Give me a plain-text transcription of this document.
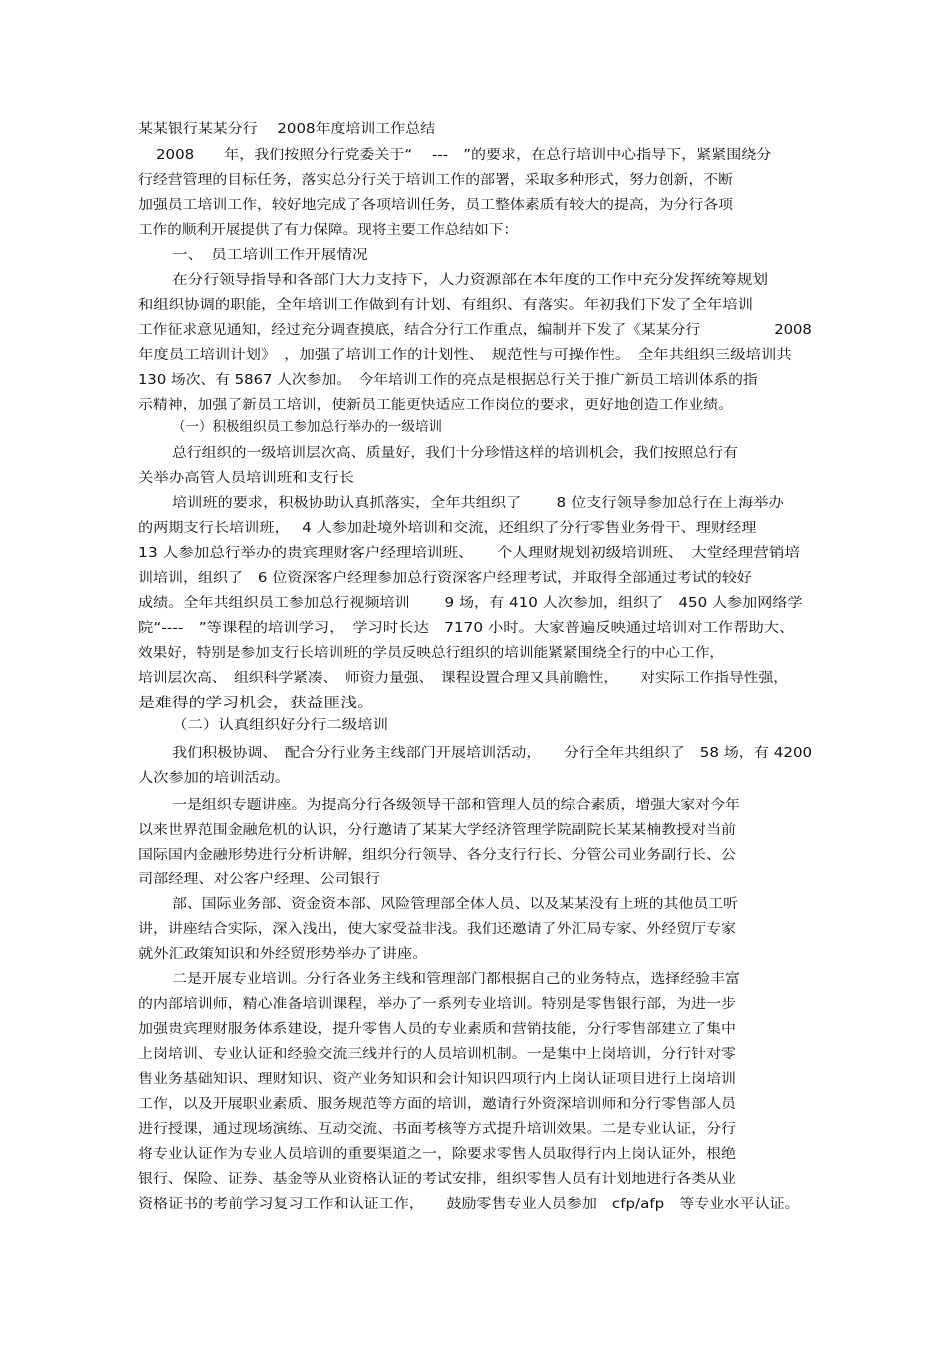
某某银行某某分行　 2008年度培训工作总结
2008　　年，我们按照分行党委关于“　 ---　”的要求，在总行培训中心指导下，紧紧围绕分
行经营管理的目标任务，落实总分行关于培训工作的部署，采取多种形式，努力创新，不断
加强员工培训工作，较好地完成了各项培训任务，员工整体素质有较大的提高，为分行各项
工作的顺利开展提供了有力保障。现将主要工作总结如下：
一、　员工培训工作开展情况
在分行领导指导和各部门大力支持下，人力资源部在本年度的工作中充分发挥统筹规划
和组织协调的职能，全年培训工作做到有计划、有组织、有落实。年初我们下发了全年培训
工作征求意见通知，经过充分调查摸底，结合分行工作重点，编制并下发了《某某分行　　　　　2008
年度员工培训计划》　，加强了培训工作的计划性、　规范性与可操作性。　全年共组织三级培训共
130 场次、有 5867 人次参加。　今年培训工作的亮点是根据总行关于推广新员工培训体系的指
示精神，加强了新员工培训，使新员工能更快适应工作岗位的要求，更好地创造工作业绩。
（一）积极组织员工参加总行举办的一级培训
总行组织的一级培训层次高、质量好，我们十分珍惜这样的培训机会，我们按照总行有
关举办高管人员培训班和支行长
培训班的要求，积极协助认真抓落实，全年共组织了　　 8 位支行领导参加总行在上海举办
的两期支行长培训班，　 4 人参加赴境外培训和交流，还组织了分行零售业务骨干、理财经理
13 人参加总行举办的贵宾理财客户经理培训班、　　个人理财规划初级培训班、　大堂经理营销培
训培训，组织了　6 位资深客户经理参加总行资深客户经理考试，并取得全部通过考试的较好
成绩。全年共组织员工参加总行视频培训　　 9 场，有 410 人次参加，组织了　450 人参加网络学
院“----　”等课程的培训学习，　学习时长达　7170 小时。大家普遍反映通过培训对工作帮助大、
效果好，特别是参加支行长培训班的学员反映总行组织的培训能紧紧围绕全行的中心工作，
培训层次高、　组织科学紧凑、　师资力量强、　课程设置合理又具前瞻性，　　对实际工作指导性强，
是难得的学习机会，获益匪浅。
（二）认真组织好分行二级培训
我们积极协调、　配合分行业务主线部门开展培训活动，　　分行全年共组织了　58 场，有 4200
人次参加的培训活动。
一是组织专题讲座。为提高分行各级领导干部和管理人员的综合素质，增强大家对今年
以来世界范围金融危机的认识，分行邀请了某某大学经济管理学院副院长某某楠教授对当前
国际国内金融形势进行分析讲解，组织分行领导、各分支行行长、分管公司业务副行长、公
司部经理、对公客户经理、公司银行
部、国际业务部、资金资本部、风险管理部全体人员、以及某某没有上班的其他员工听
讲，讲座结合实际，深入浅出，使大家受益非浅。我们还邀请了外汇局专家、外经贸厅专家
就外汇政策知识和外经贸形势举办了讲座。
二是开展专业培训。分行各业务主线和管理部门都根据自己的业务特点，选择经验丰富
的内部培训师，精心准备培训课程，举办了一系列专业培训。特别是零售银行部，为进一步
加强贵宾理财服务体系建设，提升零售人员的专业素质和营销技能，分行零售部建立了集中
上岗培训、专业认证和经验交流三线并行的人员培训机制。一是集中上岗培训，分行针对零
售业务基础知识、理财知识、资产业务知识和会计知识四项行内上岗认证项目进行上岗培训
工作，以及开展职业素质、服务规范等方面的培训，邀请行外资深培训师和分行零售部人员
进行授课，通过现场演练、互动交流、书面考核等方式提升培训效果。二是专业认证，分行
将专业认证作为专业人员培训的重要渠道之一，除要求零售人员取得行内上岗认证外，根绝
银行、保险、证券、基金等从业资格认证的考试安排，组织零售人员有计划地进行各类从业
资格证书的考前学习复习工作和认证工作，　　鼓励零售专业人员参加　cfp/afp　等专业水平认证。
